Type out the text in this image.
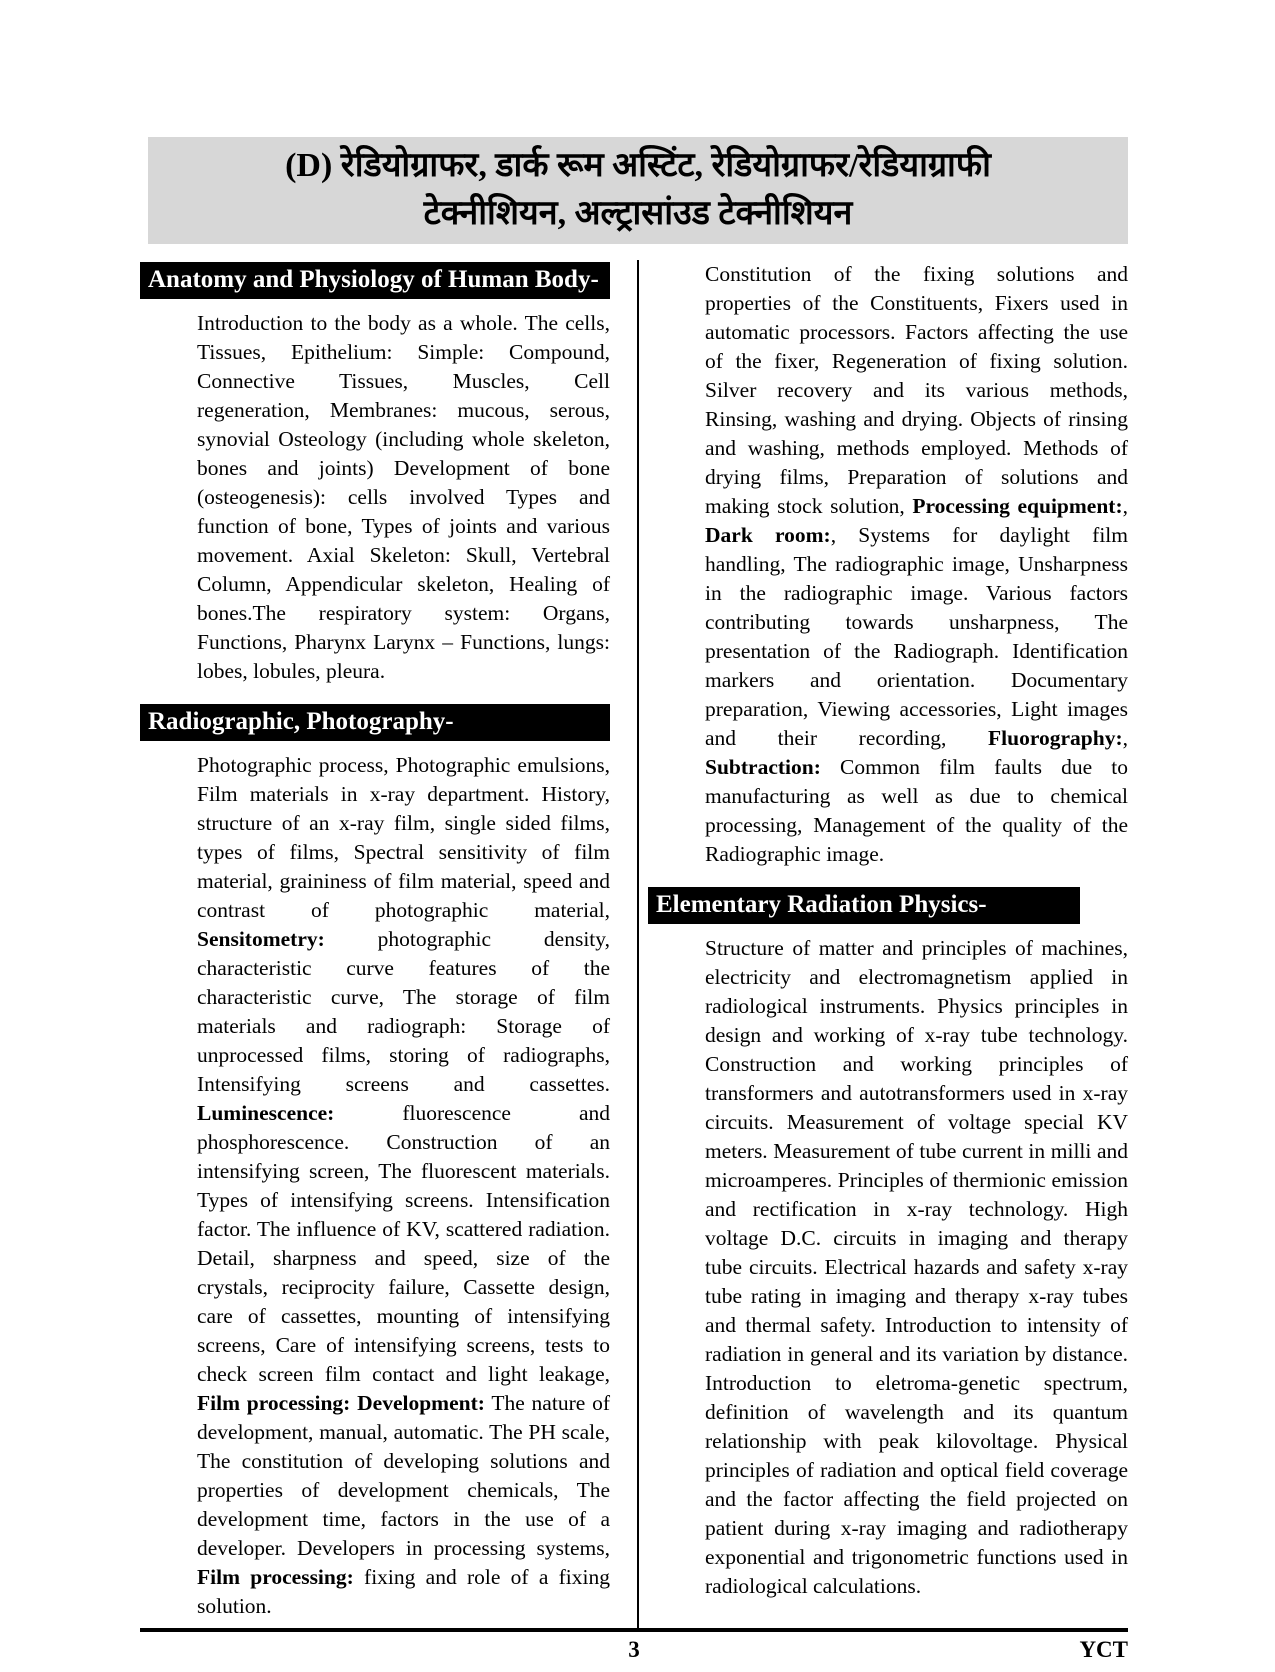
(D) रेडियोग्राफर, डार्क रूम अस्टिंट, रेडियोग्राफर/रेडियाग्राफी
टेक्नीशियन, अल्ट्रासांउड टेक्नीशियन
Anatomy and Physiology of Human Body-

Introduction to the body as a whole. The cells, Tissues, Epithelium: Simple: Compound, Connective Tissues, Muscles, Cell regeneration, Membranes: mucous, serous, synovial Osteology (including whole skeleton, bones and joints) Development of bone (osteogenesis): cells involved Types and function of bone, Types of joints and various movement. Axial Skeleton: Skull, Vertebral Column, Appendicular skeleton, Healing of bones.The respiratory system: Organs, Functions, Pharynx Larynx – Functions, lungs: lobes, lobules, pleura.

Radiographic, Photography-

Photographic process, Photographic emulsions, Film materials in x-ray department. History, structure of an x-ray film, single sided films, types of films, Spectral sensitivity of film material, graininess of film material, speed and contrast of photographic material, Sensitometry: photographic density, characteristic curve features of the characteristic curve, The storage of film materials and radiograph: Storage of unprocessed films, storing of radiographs, Intensifying screens and cassettes. Luminescence: fluorescence and phosphorescence. Construction of an intensifying screen, The fluorescent materials. Types of intensifying screens. Intensification factor. The influence of KV, scattered radiation. Detail, sharpness and speed, size of the crystals, reciprocity failure, Cassette design, care of cassettes, mounting of intensifying screens, Care of intensifying screens, tests to check screen film contact and light leakage, Film processing: Development: The nature of development, manual, automatic. The PH scale, The constitution of developing solutions and properties of development chemicals, The development time, factors in the use of a developer. Developers in processing systems, Film processing: fixing and role of a fixing solution.

Constitution of the fixing solutions and properties of the Constituents, Fixers used in automatic processors. Factors affecting the use of the fixer, Regeneration of fixing solution. Silver recovery and its various methods, Rinsing, washing and drying. Objects of rinsing and washing, methods employed. Methods of drying films, Preparation of solutions and making stock solution, Processing equipment:, Dark room:, Systems for daylight film handling, The radiographic image, Unsharpness in the radiographic image. Various factors contributing towards unsharpness, The presentation of the Radiograph. Identification markers and orientation. Documentary preparation, Viewing accessories, Light images and their recording, Fluorography:, Subtraction: Common film faults due to manufacturing as well as due to chemical processing, Management of the quality of the Radiographic image.

Elementary Radiation Physics-

Structure of matter and principles of machines, electricity and electromagnetism applied in radiological instruments. Physics principles in design and working of x-ray tube technology. Construction and working principles of transformers and autotransformers used in x-ray circuits. Measurement of voltage special KV meters. Measurement of tube current in milli and microamperes. Principles of thermionic emission and rectification in x-ray technology. High voltage D.C. circuits in imaging and therapy tube circuits. Electrical hazards and safety x-ray tube rating in imaging and therapy x-ray tubes and thermal safety. Introduction to intensity of radiation in general and its variation by distance. Introduction to eletroma-genetic spectrum, definition of wavelength and its quantum relationship with peak kilovoltage. Physical principles of radiation and optical field coverage and the factor affecting the field projected on patient during x-ray imaging and radiotherapy exponential and trigonometric functions used in radiological calculations.

3	YCT
